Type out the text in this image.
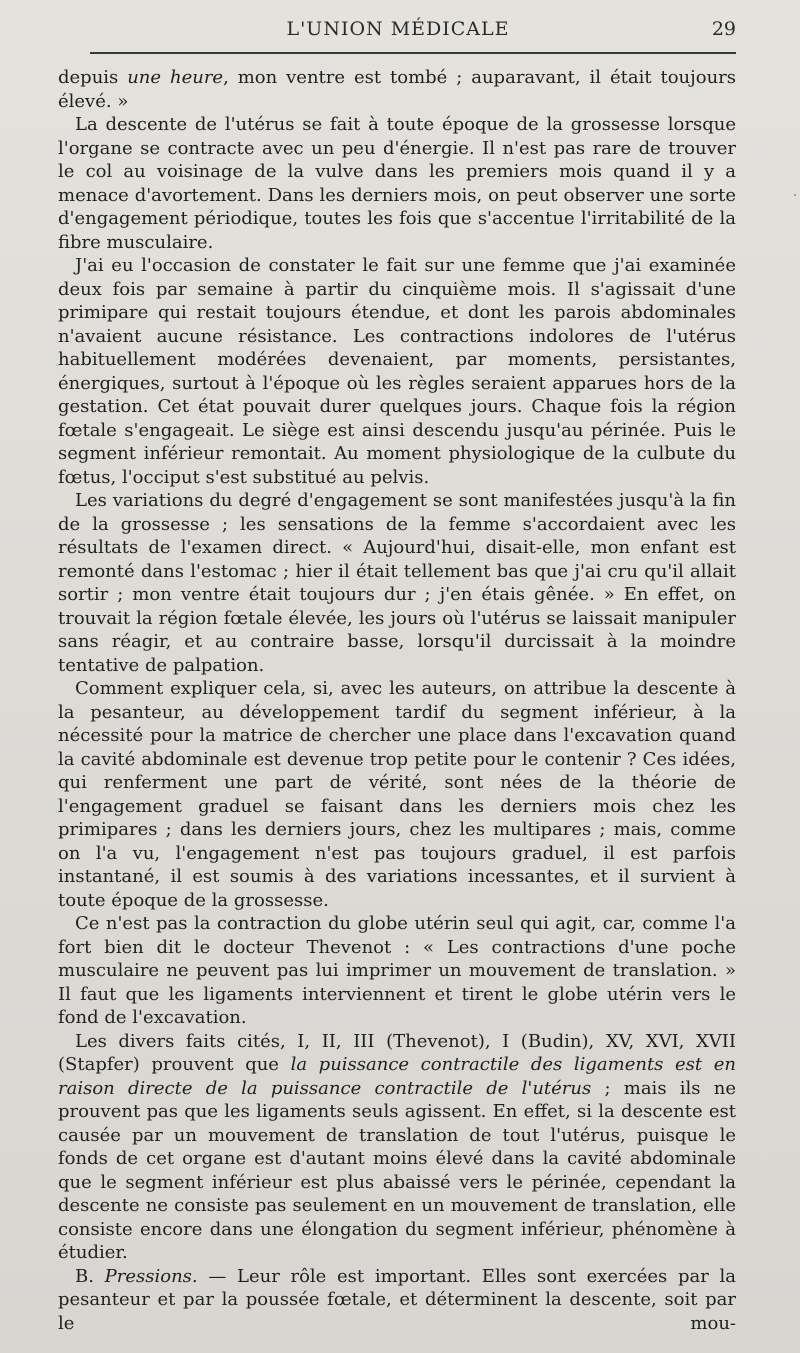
L'UNION MÉDICALE	29

depuis une heure, mon ventre est tombé ; auparavant, il était toujours élevé. »

La descente de l'utérus se fait à toute époque de la grossesse lorsque l'organe se contracte avec un peu d'énergie. Il n'est pas rare de trouver le col au voisinage de la vulve dans les premiers mois quand il y a menace d'avortement. Dans les derniers mois, on peut observer une sorte d'engagement périodique, toutes les fois que s'accentue l'irritabilité de la fibre musculaire.

J'ai eu l'occasion de constater le fait sur une femme que j'ai examinée deux fois par semaine à partir du cinquième mois. Il s'agissait d'une primipare qui restait toujours étendue, et dont les parois abdominales n'avaient aucune résistance. Les contractions indolores de l'utérus habituellement modérées devenaient, par moments, persistantes, énergiques, surtout à l'époque où les règles seraient apparues hors de la gestation. Cet état pouvait durer quelques jours. Chaque fois la région fœtale s'engageait. Le siège est ainsi descendu jusqu'au périnée. Puis le segment inférieur remontait. Au moment physiologique de la culbute du fœtus, l'occiput s'est substitué au pelvis.

Les variations du degré d'engagement se sont manifestées jusqu'à la fin de la grossesse ; les sensations de la femme s'accordaient avec les résultats de l'examen direct. « Aujourd'hui, disait-elle, mon enfant est remonté dans l'estomac ; hier il était tellement bas que j'ai cru qu'il allait sortir ; mon ventre était toujours dur ; j'en étais gênée. » En effet, on trouvait la région fœtale élevée, les jours où l'utérus se laissait manipuler sans réagir, et au contraire basse, lorsqu'il durcissait à la moindre tentative de palpation.

Comment expliquer cela, si, avec les auteurs, on attribue la descente à la pesanteur, au développement tardif du segment inférieur, à la nécessité pour la matrice de chercher une place dans l'excavation quand la cavité abdominale est devenue trop petite pour le contenir ? Ces idées, qui renferment une part de vérité, sont nées de la théorie de l'engagement graduel se faisant dans les derniers mois chez les primipares ; dans les derniers jours, chez les multipares ; mais, comme on l'a vu, l'engagement n'est pas toujours graduel, il est parfois instantané, il est soumis à des variations incessantes, et il survient à toute époque de la grossesse.

Ce n'est pas la contraction du globe utérin seul qui agit, car, comme l'a fort bien dit le docteur Thevenot : « Les contractions d'une poche musculaire ne peuvent pas lui imprimer un mouvement de translation. » Il faut que les ligaments interviennent et tirent le globe utérin vers le fond de l'excavation.

Les divers faits cités, I, II, III (Thevenot), I (Budin), XV, XVI, XVII (Stapfer) prouvent que la puissance contractile des ligaments est en raison directe de la puissance contractile de l'utérus ; mais ils ne prouvent pas que les ligaments seuls agissent. En effet, si la descente est causée par un mouvement de translation de tout l'utérus, puisque le fonds de cet organe est d'autant moins élevé dans la cavité abdominale que le segment inférieur est plus abaissé vers le périnée, cependant la descente ne consiste pas seulement en un mouvement de translation, elle consiste encore dans une élongation du segment inférieur, phénomène à étudier.

B. Pressions. — Leur rôle est important. Elles sont exercées par la pesanteur et par la poussée fœtale, et déterminent la descente, soit par le mou-
